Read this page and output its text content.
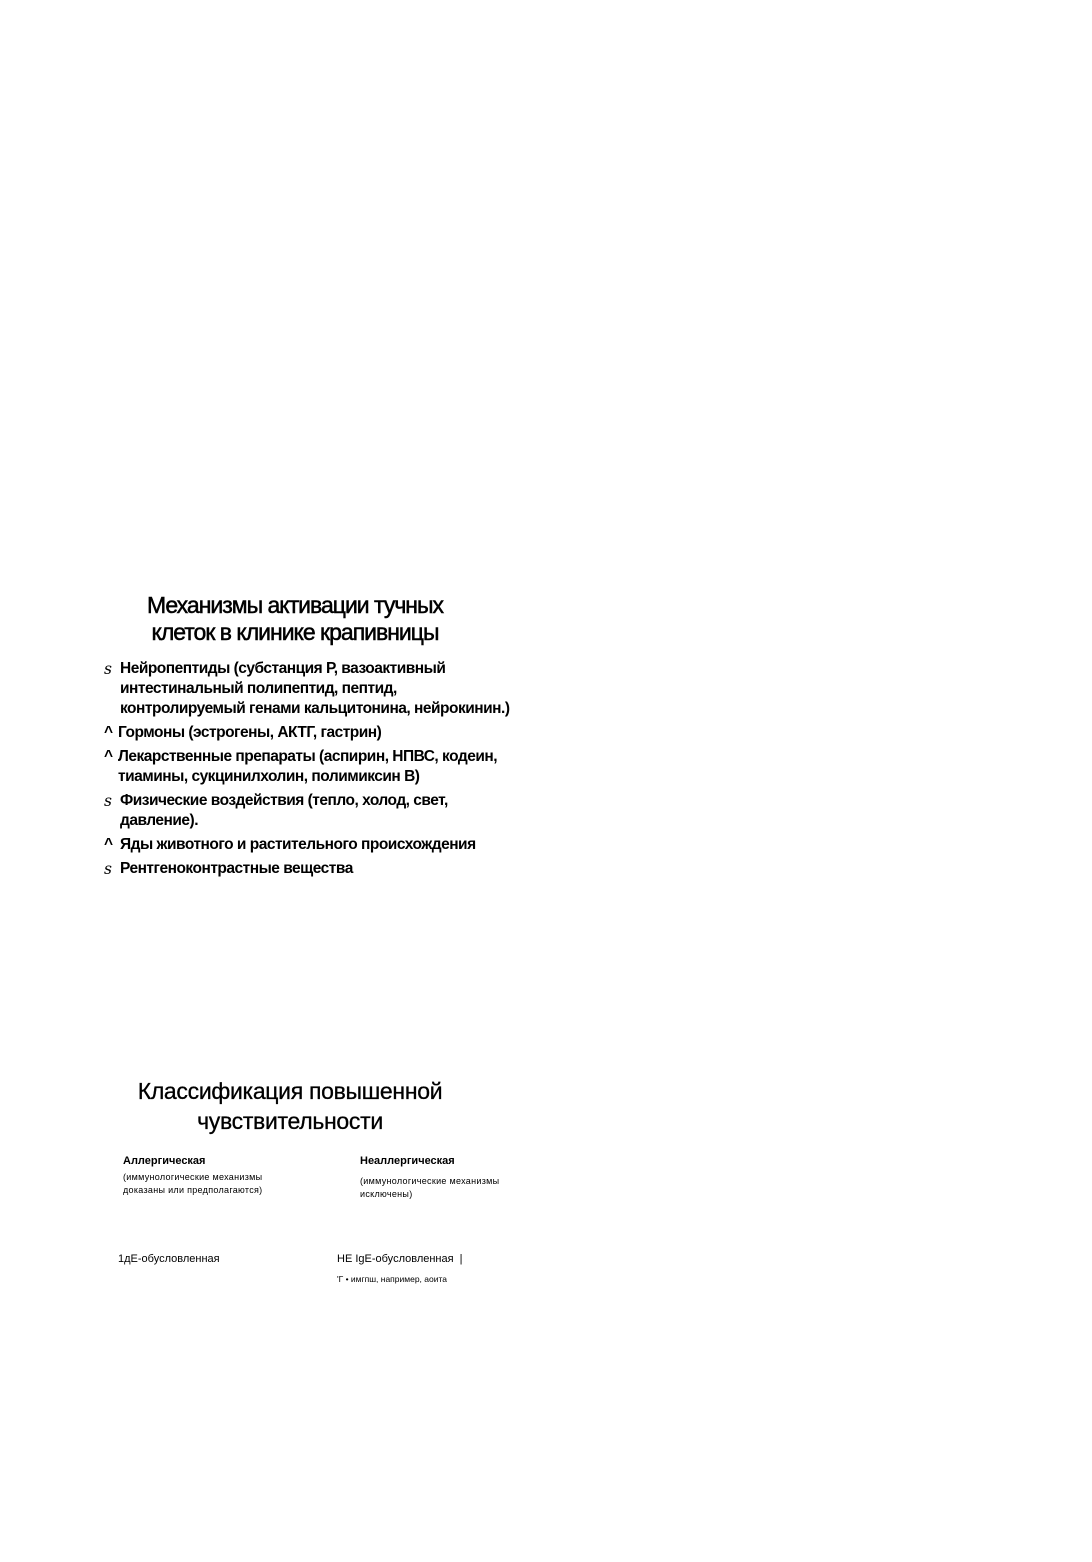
Механизмы активации тучных
клеток в клинике крапивницы
s Нейропептиды (субстанция Р, вазоактивный интестинальный полипептид, пептид, контролируемый генами кальцитонина, нейрокинин.)
^ Гормоны (эстрогены, АКТГ, гастрин)
^ Лекарственные препараты (аспирин, НПВС, кодеин, тиамины, сукцинилхолин, полимиксин В)
s Физические воздействия (тепло, холод, свет, давление).
^ Яды животного и растительного происхождения
s Рентгеноконтрастные вещества
Классификация повышенной
чувствительности
Аллергическая
(иммунологические механизмы доказаны или предполагаются)
Неаллергическая
(иммунологические механизмы исключены)
1дЕ-обусловленная	НЕ IgE-обусловленная |
'Г • имгпш, например, аоита
